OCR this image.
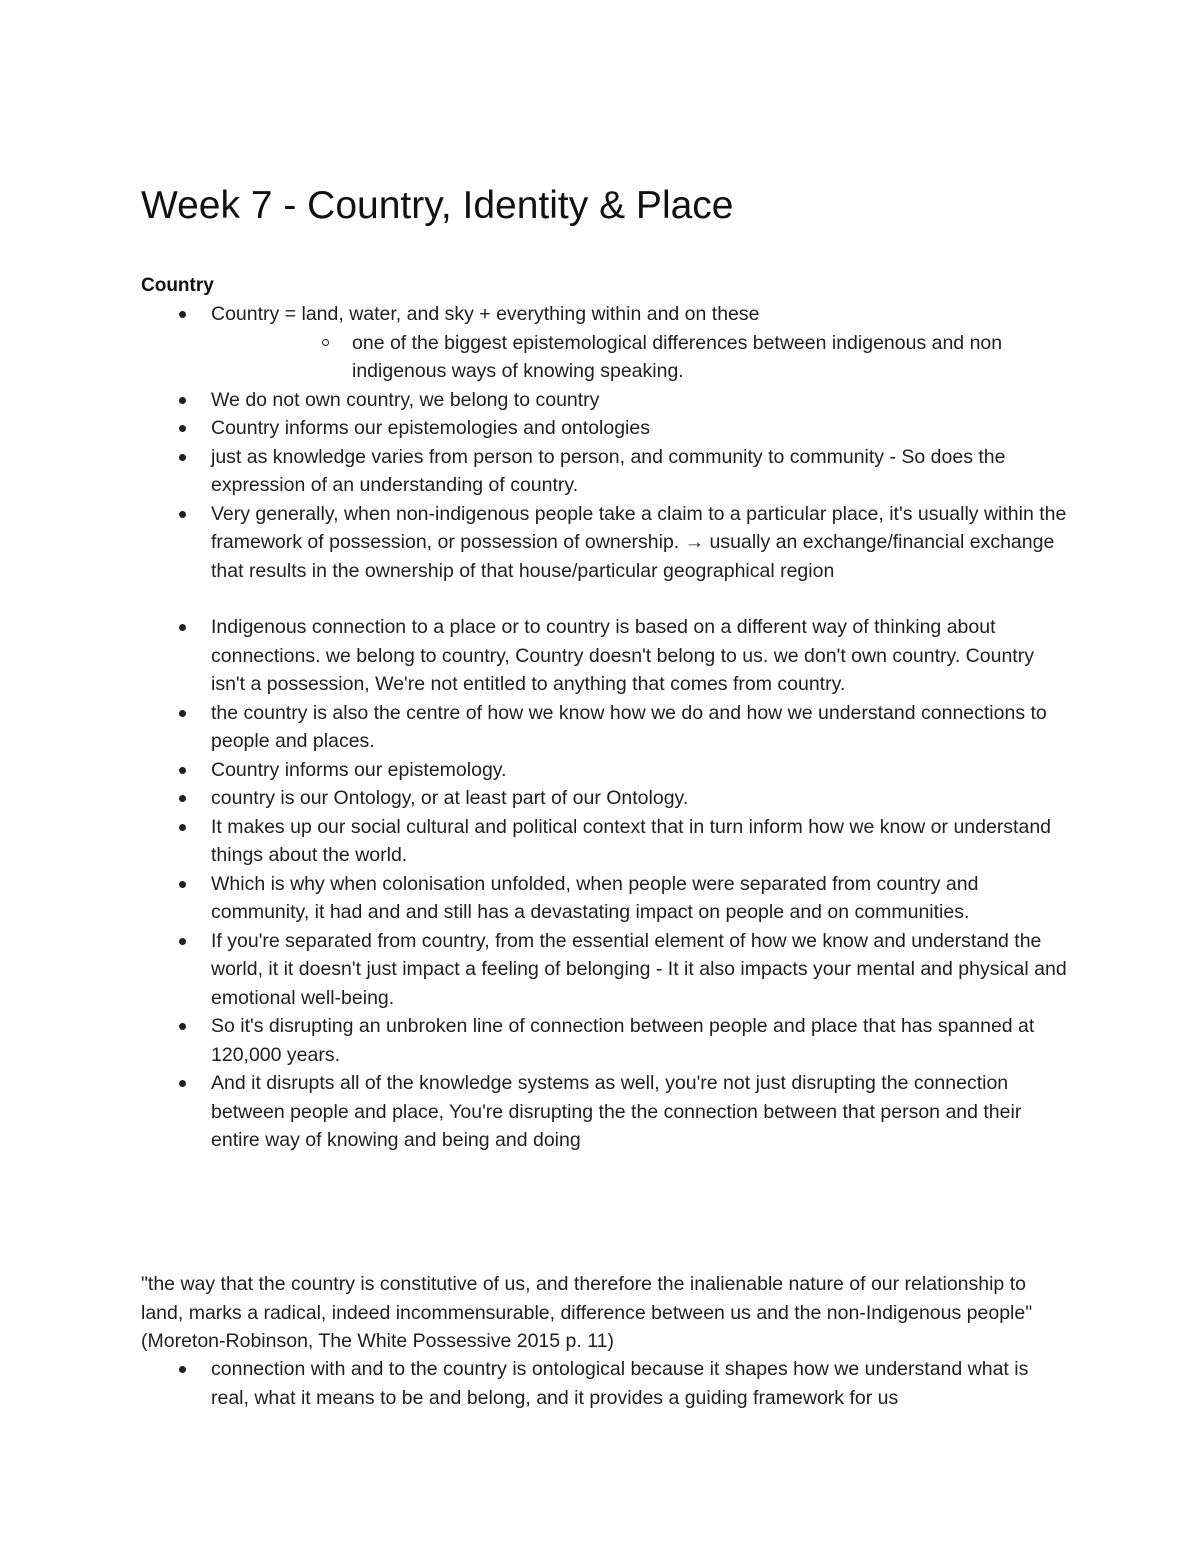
Week 7 - Country, Identity & Place
Country
Country = land, water, and sky + everything within and on these
one of the biggest epistemological differences between indigenous and non indigenous ways of knowing speaking.
We do not own country, we belong to country
Country informs our epistemologies and ontologies
just as knowledge varies from person to person, and community to community - So does the expression of an understanding of country.
Very generally, when non-indigenous people take a claim to a particular place, it's usually within the framework of possession, or possession of ownership. → usually an exchange/financial exchange that results in the ownership of that house/particular geographical region
Indigenous connection to a place or to country is based on a different way of thinking about connections. we belong to country, Country doesn't belong to us. we don't own country. Country isn't a possession, We're not entitled to anything that comes from country.
the country is also the centre of how we know how we do and how we understand connections to people and places.
Country informs our epistemology.
country is our Ontology, or at least part of our Ontology.
It makes up our social cultural and political context that in turn inform how we know or understand things about the world.
Which is why when colonisation unfolded, when people were separated from country and community, it had and and still has a devastating impact on people and on communities.
If you're separated from country, from the essential element of how we know and understand the world, it it doesn't just impact a feeling of belonging - It it also impacts your mental and physical and emotional well-being.
So it's disrupting an unbroken line of connection between people and place that has spanned at 120,000 years.
And it disrupts all of the knowledge systems as well, you're not just disrupting the connection between people and place, You're disrupting the the connection between that person and their entire way of knowing and being and doing

"the way that the country is constitutive of us, and therefore the inalienable nature of our relationship to land, marks a radical, indeed incommensurable, difference between us and the non-Indigenous people" (Moreton-Robinson, The White Possessive 2015 p. 11)

connection with and to the country is ontological because it shapes how we understand what is real, what it means to be and belong, and it provides a guiding framework for us
